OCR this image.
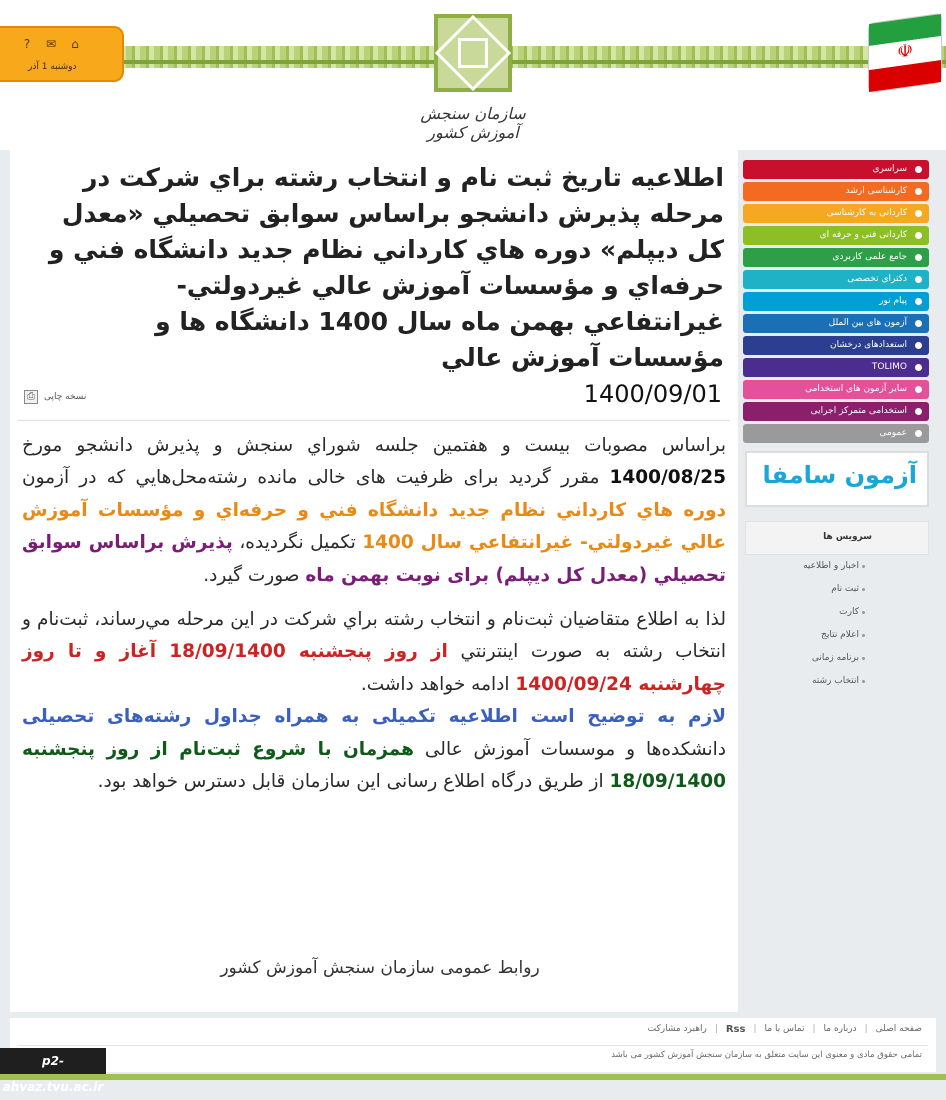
سازمان سنجش آموزش کشور
?	✉ ⌂
دوشنبه 1 آذر
☫
اطلاعيه تاريخ ثبت نام و انتخاب رشته براي شركت در مرحله پذيرش دانشجو براساس سوابق تحصيلي «معدل كل ديپلم» دوره هاي كارداني نظام جديد دانشگاه فني و حرفه‌اي و مؤسسات آموزش عالي غيردولتي- غيرانتفاعي بهمن ماه سال 1400 دانشگاه ها و مؤسسات آموزش عالي
1400/09/01
نسخه چاپی
⎙

براساس مصوبات بيست و هفتمين جلسه شوراي سنجش و پذيرش دانشجو مورخ 1400/08/25 مقرر گرديد براى ظرفيت هاى خالى مانده رشته‌محل‌هايي كه در آزمون دوره هاي كارداني نظام جديد دانشگاه فني و حرفه‌اي و مؤسسات آموزش عالي غيردولتي- غيرانتفاعي سال 1400 تكميل نگرديده، پذيرش براساس سوابق تحصيلي (معدل كل ديپلم) براى نوبت بهمن ماه صورت گيرد.

لذا به اطلاع متقاضيان ثبت‌نام و انتخاب رشته براي شركت در اين مرحله مي‌رساند، ثبت‌نام و انتخاب رشته به صورت اينترنتي از روز پنجشنبه 18/09/1400 آغاز و تا روز چهارشنبه 1400/09/24 ادامه خواهد داشت.
لازم به توضيح است اطلاعيه تكميلی به همراه جداول رشته‌های تحصيلی دانشکده‌ها و موسسات آموزش عالی همزمان با شروع ثبت‌نام از روز پنجشنبه 18/09/1400 از طريق درگاه اطلاع رسانی اين سازمان قابل دسترس خواهد بود.

روابط عمومی سازمان سنجش آموزش كشور
سراسری
کارشناسی ارشد
کاردانی به کارشناسی
کاردانی فنی و حرفه ای
جامع علمی کاربردی
دکترای تخصصی
پیام نور
آزمون های بین الملل
استعدادهای درخشان
TOLIMO
سایر آزمون های استخدامی
استخدامی متمرکز اجرایی
عمومی
آزمون سامفا
سرویس ها
اخبار و اطلاعیه
ثبت نام
کارت
اعلام نتایج
برنامه زمانی
انتخاب رشته
صفحه اصلی
|
درباره ما
|
تماس با ما
|
Rss
|
راهبرد مشارکت
تمامی حقوق مادی و معنوی این سایت متعلق به سازمان سنجش آموزش کشور می باشد
p2-ahvaz.tvu.ac.ir
